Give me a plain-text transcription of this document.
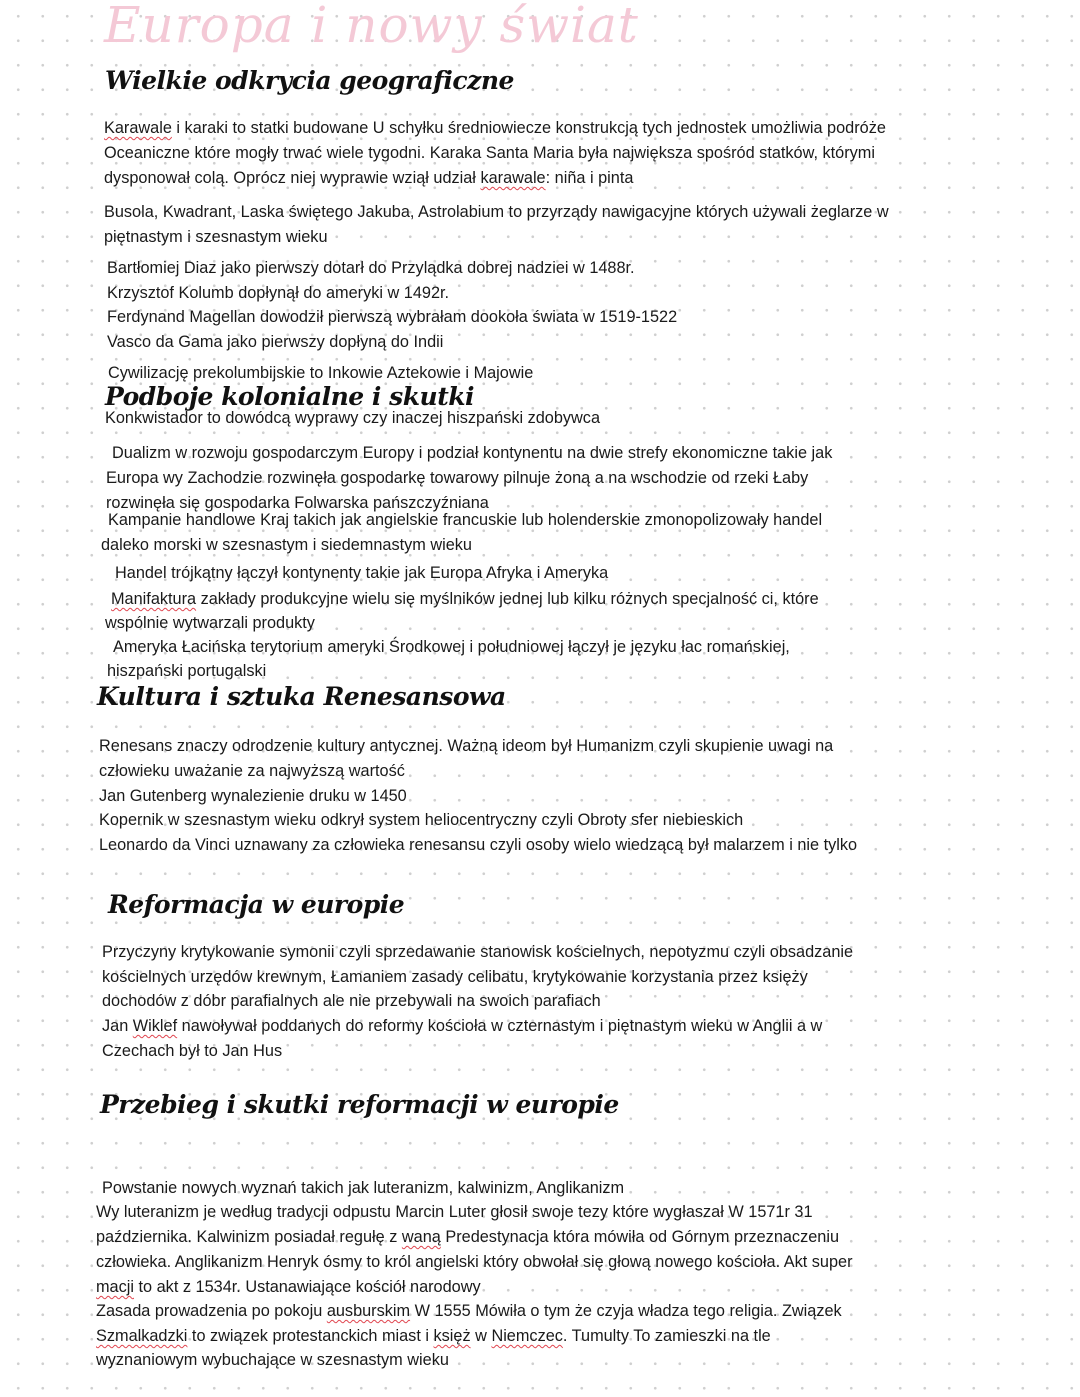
Europa i nowy świat
Wielkie odkrycia geograficzne
Karawale i karaki to statki budowane U schyłku średniowiecze konstrukcją tych jednostek umożliwia podróże
Oceaniczne które mogły trwać wiele tygodni. Karaka Santa Maria była największa spośród statków, którymi
dysponował colą. Oprócz niej wyprawie wziął udział karawale: niña i pinta
Busola, Kwadrant, Laska świętego Jakuba, Astrolabium to przyrządy nawigacyjne których używali żeglarze w
piętnastym i szesnastym wieku
Bartłomiej Diaz jako pierwszy dotarł do Przylądka dobrej nadziei w 1488r.
Krzysztof Kolumb dopłynął do ameryki w 1492r.
Ferdynand Magellan dowodził pierwszą wybrałam dookoła świata w 1519-1522
Vasco da Gama jako pierwszy dopłyną do Indii
Cywilizację prekolumbijskie to Inkowie Aztekowie i Majowie
Podboje kolonialne i skutki
Konkwistador to dowódcą wyprawy czy inaczej hiszpański zdobywca
Dualizm w rozwoju gospodarczym Europy i podział kontynentu na dwie strefy ekonomiczne takie jak
Europa wy Zachodzie rozwinęła gospodarkę towarowy pilnuje żoną a na wschodzie od rzeki Łaby
rozwinęła się gospodarka Folwarska pańszczyźniana
Kampanie handlowe Kraj takich jak angielskie francuskie lub holenderskie zmonopolizowały handel
daleko morski w szesnastym i siedemnastym wieku
Handel trójkątny łączył kontynenty takie jak Europa Afryka i Ameryka
Manifaktura zakłady produkcyjne wielu się myślników jednej lub kilku różnych specjalność ci, które
wspólnie wytwarzali produkty
Ameryka Łacińska terytorium ameryki Środkowej i południowej łączył je języku łac romańskiej,
hiszpański portugalski
Kultura i sztuka Renesansowa
Renesans znaczy odrodzenie kultury antycznej. Ważną ideom był Humanizm czyli skupienie uwagi na
człowieku uważanie za najwyższą wartość
Jan Gutenberg wynalezienie druku w 1450
Kopernik w szesnastym wieku odkrył system heliocentryczny czyli Obroty sfer niebieskich
Leonardo da Vinci uznawany za człowieka renesansu czyli osoby wielo wiedzącą był malarzem i nie tylko
Reformacja w europie
Przyczyny krytykowanie symonii czyli sprzedawanie stanowisk kościelnych, nepotyzmu czyli obsadzanie
kościelnych urzędów krewnym, Łamaniem zasady celibatu, krytykowanie korzystania przez księży
dochodów z dóbr parafialnych ale nie przebywali na swoich parafiach
Jan Wiklef nawoływał poddanych do reformy kościoła w czternastym i piętnastym wieku w Anglii a w
Czechach był to Jan Hus
Przebieg i skutki reformacji w europie
Powstanie nowych wyznań takich jak luteranizm, kalwinizm, Anglikanizm
Wy luteranizm je według tradycji odpustu Marcin Luter głosił swoje tezy które wygłaszał W 1571r 31
października. Kalwinizm posiadał regułę z waną Predestynacja która mówiła od Górnym przeznaczeniu
człowieka. Anglikanizm Henryk ósmy to król angielski który obwołał się głową nowego kościoła. Akt super
macji to akt z 1534r. Ustanawiające kościół narodowy
Zasada prowadzenia po pokoju ausburskim W 1555 Mówiła o tym że czyja władza tego religia. Związek
Szmalkadzki to związek protestanckich miast i księż w Niemczec. Tumulty To zamieszki na tle
wyznaniowym wybuchające w szesnastym wieku
